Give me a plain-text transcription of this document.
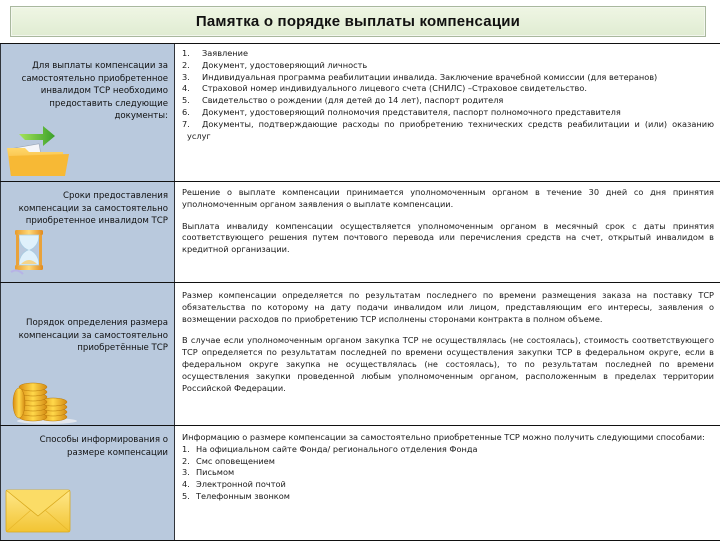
Памятка о порядке выплаты компенсации
Для выплаты компенсации за самостоятельно приобретенное инвалидом ТСР необходимо предоставить следующие документы:
1. Заявление
2. Документ, удостоверяющий личность
3. Индивидуальная программа реабилитации инвалида. Заключение врачебной комиссии (для ветеранов)
4. Страховой номер индивидуального лицевого счета (СНИЛС) –Страховое свидетельство.
5. Свидетельство о рождении (для детей до 14 лет), паспорт родителя
6. Документ, удостоверяющий полномочия представителя, паспорт полномочного представителя
7. Документы, подтверждающие расходы по приобретению технических средств реабилитации и (или) оказанию услуг
Сроки предоставления компенсации за самостоятельно приобретенное инвалидом ТСР

Решение о выплате компенсации принимается уполномоченным органом в течение 30 дней со дня принятия уполномоченным органом заявления о выплате компенсации.

Выплата инвалиду компенсации осуществляется уполномоченным органом в месячный срок с даты принятия соответствующего решения путем почтового перевода или перечисления средств на счет, открытый инвалидом в кредитной организации.

Порядок определения размера компенсации за самостоятельно приобретённые ТСР

Размер компенсации определяется по результатам последнего по времени размещения заказа на поставку ТСР обязательства по которому на дату подачи инвалидом или лицом, представляющим его интересы, заявления о возмещении расходов по приобретению ТСР исполнены сторонами контракта в полном объеме.

В случае если уполномоченным органом закупка ТСР не осуществлялась (не состоялась), стоимость соответствующего ТСР определяется по результатам последней по времени осуществления закупки ТСР в федеральном округе, если в федеральном округе закупка не осуществлялась (не состоялась), то по результатам последней по времени осуществления закупки проведенной любым уполномоченным органом, расположенным в пределах территории Российской Федерации.

Способы информирования о размере компенсации

Информацию о размере компенсации за самостоятельно приобретенные ТСР можно получить следующими способами:

1. На официальном сайте Фонда/ регионального отделения Фонда
2. Смс оповещением
3. Письмом
4. Электронной почтой
5. Телефонным звонком
